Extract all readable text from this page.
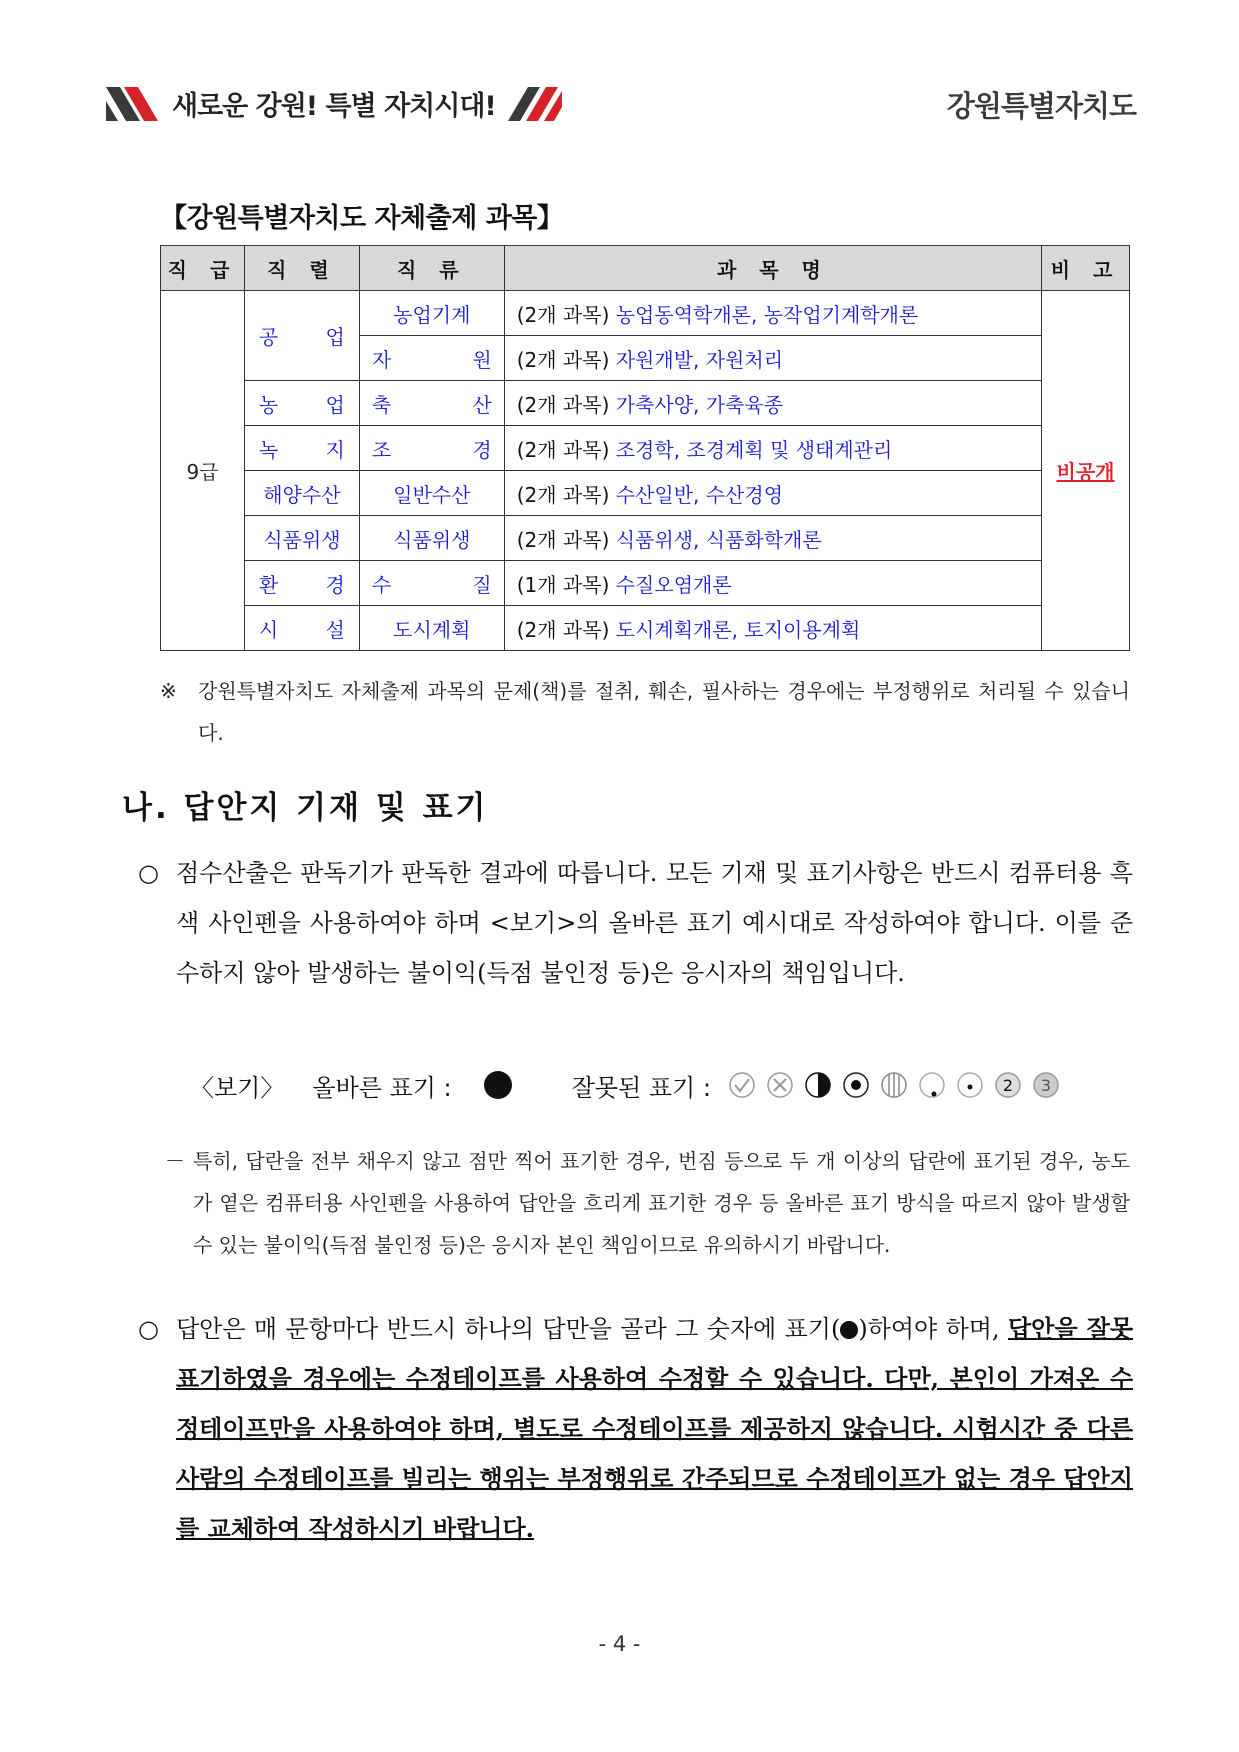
새로운 강원! 특별 자치시대!	강원특별자치도
【강원특별자치도 자체출제 과목】
직 급	직 렬	직 류	과 목 명	비 고
9급	공 업	농업기계	(2개 과목) 농업동역학개론, 농작업기계학개론	비공개

		자 원	(2개 과목) 자원개발, 자원처리	

	농 업	축 산	(2개 과목) 가축사양, 가축육종	

	녹 지	조 경	(2개 과목) 조경학, 조경계획 및 생태계관리	
	해양수산	일반수산	(2개 과목) 수산일반, 수산경영	
	식품위생	식품위생	(2개 과목) 식품위생, 식품화학개론	

	환 경	수 질	(1개 과목) 수질오염개론	

	시 설	도시계획	(2개 과목) 도시계획개론, 토지이용계획	
※	강원특별자치도 자체출제 과목의 문제(책)를 절취, 훼손, 필사하는 경우에는 부정행위로 처리될 수 있습니다.
나. 답안지 기재 및 표기
○ 점수산출은 판독기가 판독한 결과에 따릅니다. 모든 기재 및 표기사항은 반드시 컴퓨터용 흑색 사인펜을 사용하여야 하며 <보기>의 올바른 표기 예시대로 작성하여야 합니다. 이를 준수하지 않아 발생하는 불이익(득점 불인정 등)은 응시자의 책임입니다.
〈보기〉 올바른 표기 :	잘못된 표기 :	2 3
－ 특히, 답란을 전부 채우지 않고 점만 찍어 표기한 경우, 번짐 등으로 두 개 이상의 답란에 표기된 경우, 농도가 옅은 컴퓨터용 사인펜을 사용하여 답안을 흐리게 표기한 경우 등 올바른 표기 방식을 따르지 않아 발생할 수 있는 불이익(득점 불인정 등)은 응시자 본인 책임이므로 유의하시기 바랍니다.
○ 답안은 매 문항마다 반드시 하나의 답만을 골라 그 숫자에 표기( )하여야 하며, 답안을 잘못 표기하였을 경우에는 수정테이프를 사용하여 수정할 수 있습니다. 다만, 본인이 가져온 수정테이프만을 사용하여야 하며, 별도로 수정테이프를 제공하지 않습니다. 시험시간 중 다른사람의 수정테이프를 빌리는 행위는 부정행위로 간주되므로 수정테이프가 없는 경우 답안지를 교체하여 작성하시기 바랍니다.
- 4 -
